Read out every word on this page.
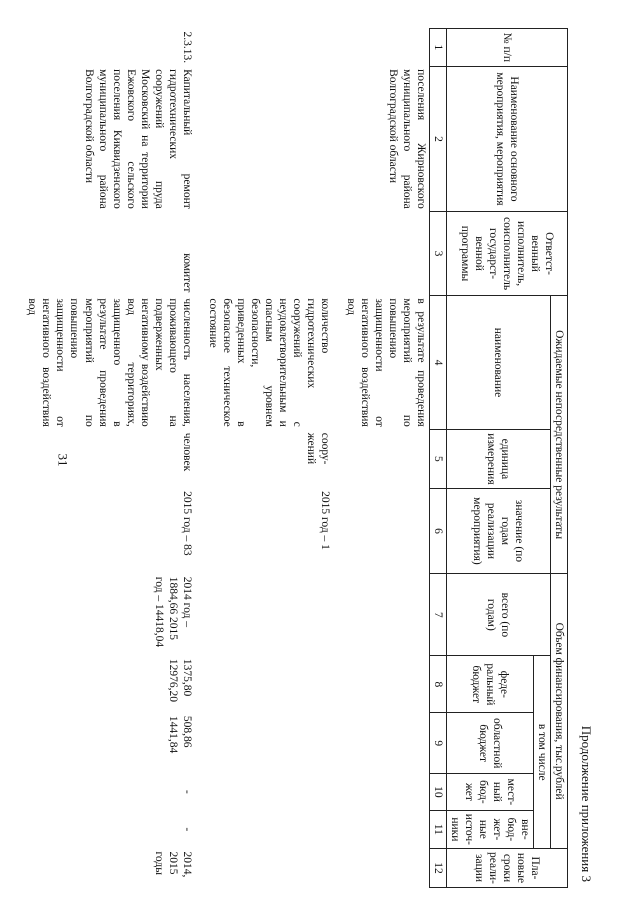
31
Продолжение приложения 3
№ п/п	Наименование основного мероприятия, мероприятия	Ответст-венный исполнитель, соисполнитель государст-венной программы	Ожидаемые непосредственные результаты			Объем финансирования, тыс.рублей					Пла-новые сроки реали-зации
			наименование	единица измерения	значение (по годам реализации мероприятия)	всего (по годам)	в том числе				
							феде-ральный бюджет	областной бюджет	мест-ный бюд-жет	вне-бюд-жет-ные источ-ники	
1	2	3	4	5	6	7	8	9	10	11	12
	поселения Жирновского муниципального района Волгоградской области		в результате проведения мероприятий по повышению защищенности от негативного воздействия вод								

			количество гидротехнических сооружений с неудовлетворительным и опасным уровнем безопасности, приведенных в безопасное техническое состояние	соору-жений	2015 год – 1						

2.3.13.	Капитальный ремонт гидротехнических сооружений пруда Московский на территории Ежовского сельского поселения Киквидзенского муниципального района Волгоградской области	комитет	численность населения, проживающего на подверженных негативному воздействию вод территориях, защищенного в результате проведения мероприятий по повышению защищенности от негативного воздействия вод	человек	2015 год – 83	2014 год – 1884,66 2015 год – 14418,04	1375,80 12976,20	508,86 1441,84	-	-	2014, 2015 годы
